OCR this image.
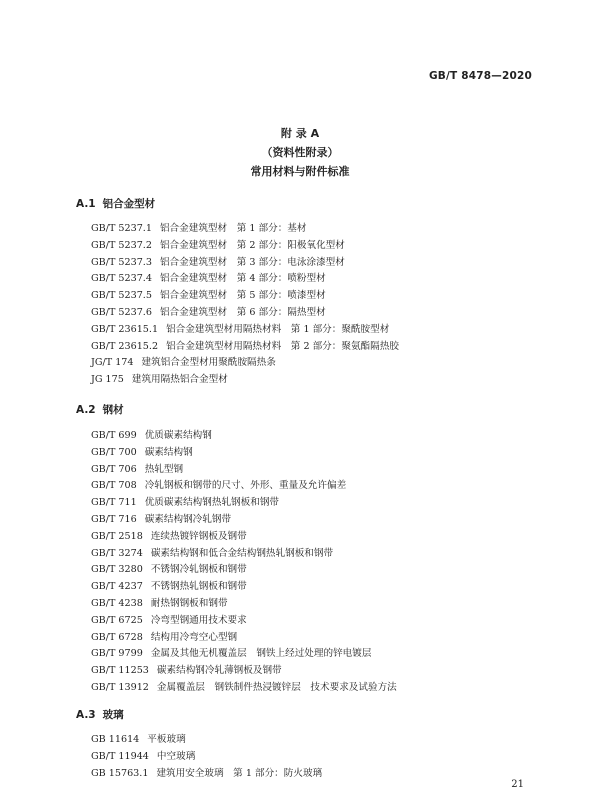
GB/T 8478—2020
附 录 A
（资料性附录）
常用材料与附件标准
A.1 铝合金型材
GB/T 5237.1 铝合金建筑型材　第 1 部分：基材
GB/T 5237.2 铝合金建筑型材　第 2 部分：阳极氧化型材
GB/T 5237.3 铝合金建筑型材　第 3 部分：电泳涂漆型材
GB/T 5237.4 铝合金建筑型材　第 4 部分：喷粉型材
GB/T 5237.5 铝合金建筑型材　第 5 部分：喷漆型材
GB/T 5237.6 铝合金建筑型材　第 6 部分：隔热型材
GB/T 23615.1 铝合金建筑型材用隔热材料　第 1 部分：聚酰胺型材
GB/T 23615.2 铝合金建筑型材用隔热材料　第 2 部分：聚氨酯隔热胶
JG/T 174 建筑铝合金型材用聚酰胺隔热条
JG 175 建筑用隔热铝合金型材
A.2 钢材
GB/T 699 优质碳素结构钢
GB/T 700 碳素结构钢
GB/T 706 热轧型钢
GB/T 708 冷轧钢板和钢带的尺寸、外形、重量及允许偏差
GB/T 711 优质碳素结构钢热轧钢板和钢带
GB/T 716 碳素结构钢冷轧钢带
GB/T 2518 连续热镀锌钢板及钢带
GB/T 3274 碳素结构钢和低合金结构钢热轧钢板和钢带
GB/T 3280 不锈钢冷轧钢板和钢带
GB/T 4237 不锈钢热轧钢板和钢带
GB/T 4238 耐热钢钢板和钢带
GB/T 6725 冷弯型钢通用技术要求
GB/T 6728 结构用冷弯空心型钢
GB/T 9799 金属及其他无机覆盖层　钢铁上经过处理的锌电镀层
GB/T 11253 碳素结构钢冷轧薄钢板及钢带
GB/T 13912 金属覆盖层　钢铁制件热浸镀锌层　技术要求及试验方法
A.3 玻璃
GB 11614 平板玻璃
GB/T 11944 中空玻璃
GB 15763.1 建筑用安全玻璃　第 1 部分：防火玻璃
21
